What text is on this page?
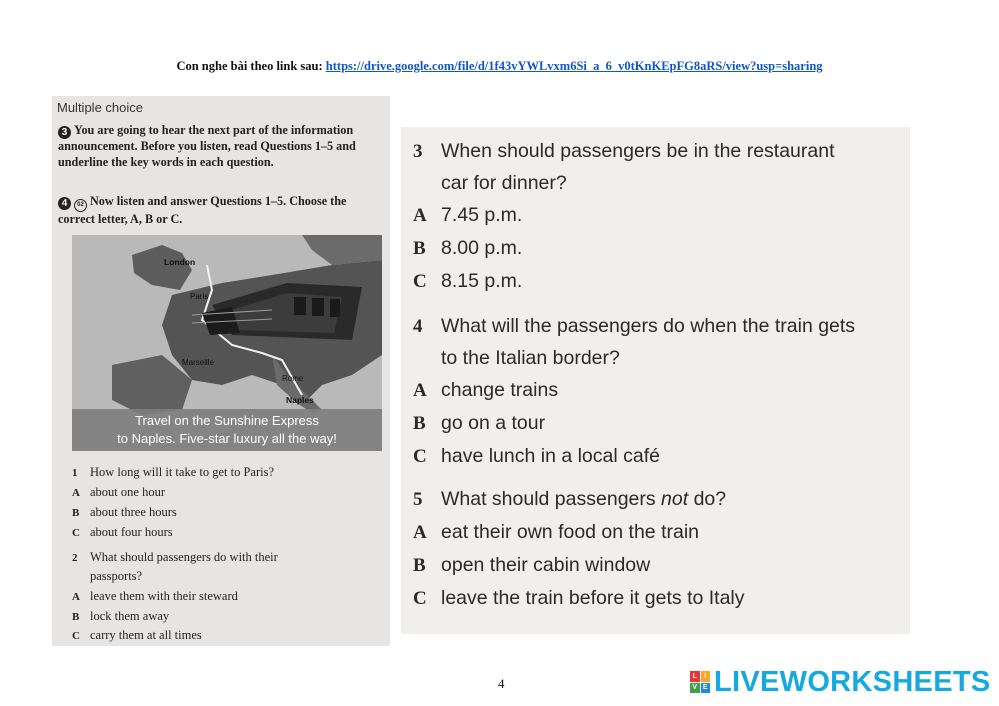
Con nghe bài theo link sau: https://drive.google.com/file/d/1f43vYWLvxm6Si_a_6_v0tKnKEpFG8aRS/view?usp=sharing
Multiple choice
3 You are going to hear the next part of the information announcement. Before you listen, read Questions 1–5 and underline the key words in each question.
4 02 Now listen and answer Questions 1–5. Choose the correct letter, A, B or C.
London
Paris
Marseille
Rome
Naples
Travel on the Sunshine Express
to Naples. Five-star luxury all the way!
1 How long will it take to get to Paris?
A about one hour
B about three hours
C about four hours
2 What should passengers do with their
passports?
A leave them with their steward
B lock them away
C carry them at all times
3 When should passengers be in the restaurant
car for dinner?
A 7.45 p.m.
B 8.00 p.m.
C 8.15 p.m.
4 What will the passengers do when the train gets
to the Italian border?
A change trains
B go on a tour
C have lunch in a local café
5 What should passengers not do?
A eat their own food on the train
B open their cabin window
C leave the train before it gets to Italy
4	L	I
V E LIVEWORKSHEETS
